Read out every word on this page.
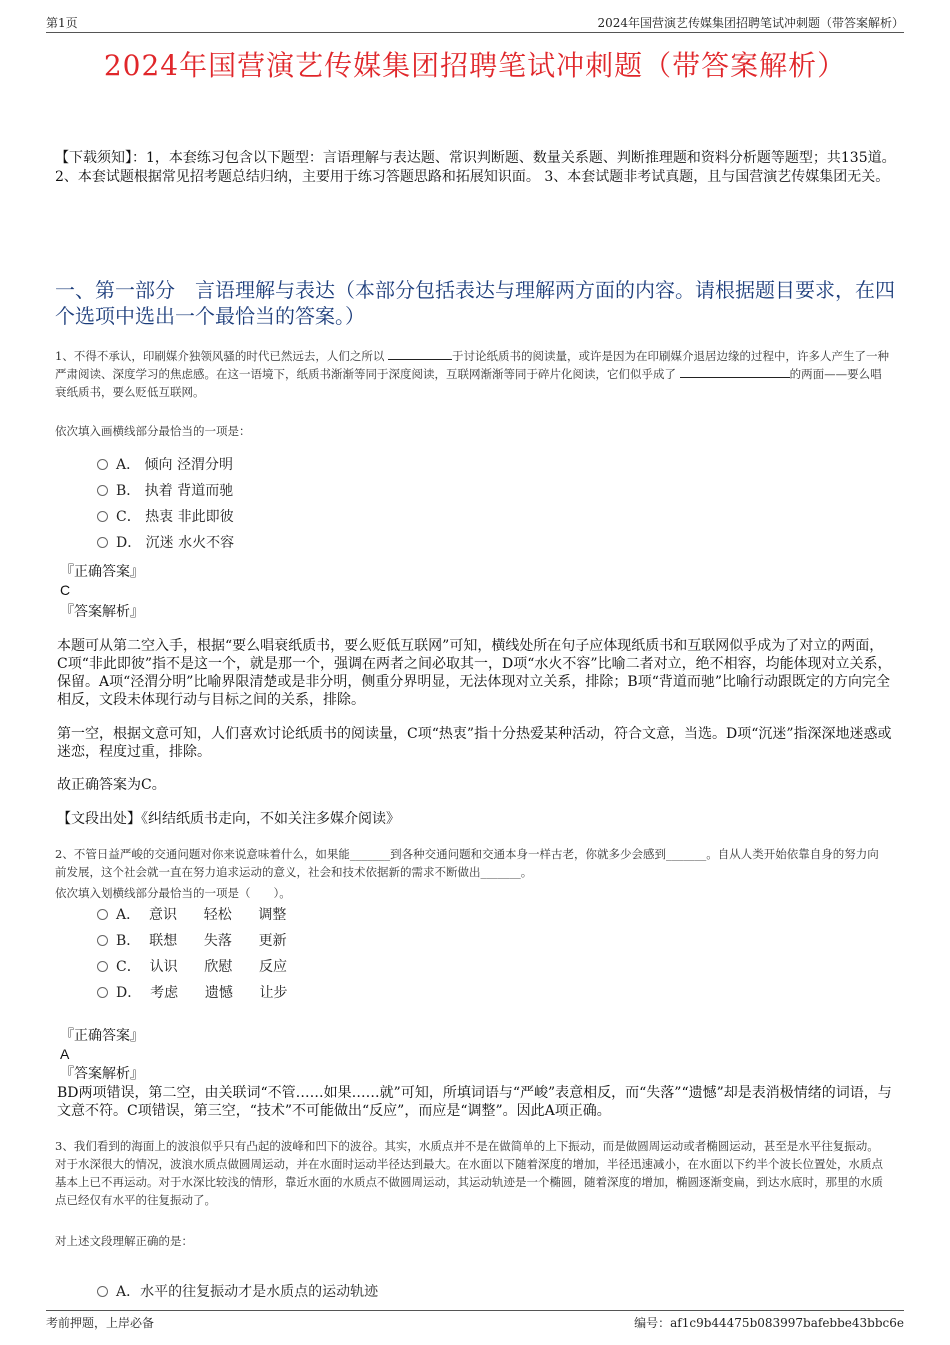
第1页	2024年国营演艺传媒集团招聘笔试冲刺题（带答案解析）
2024年国营演艺传媒集团招聘笔试冲刺题（带答案解析）
【下载须知】：1，本套练习包含以下题型：言语理解与表达题、常识判断题、数量关系题、判断推理题和资料分析题等题型；共135道。 2、本套试题根据常见招考题总结归纳，主要用于练习答题思路和拓展知识面。 3、本套试题非考试真题，且与国营演艺传媒集团无关。
一、第一部分　言语理解与表达（本部分包括表达与理解两方面的内容。请根据题目要求，在四个选项中选出一个最恰当的答案。）
1、不得不承认，印刷媒介独领风骚的时代已然远去，人们之所以	于讨论纸质书的阅读量，或许是因为在印刷媒介退居边缘的过程中，许多人产生了一种严肃阅读、深度学习的焦虑感。在这一语境下，纸质书渐渐等同于深度阅读，互联网渐渐等同于碎片化阅读，它们似乎成了	的两面——要么唱衰纸质书，要么贬低互联网。
依次填入画横线部分最恰当的一项是：
A． 倾向 泾渭分明
B． 执着 背道而驰
C． 热衷 非此即彼
D． 沉迷 水火不容
『正确答案』
C
『答案解析』
本题可从第二空入手，根据“要么唱衰纸质书，要么贬低互联网”可知，横线处所在句子应体现纸质书和互联网似乎成为了对立的两面，C项“非此即彼”指不是这一个，就是那一个，强调在两者之间必取其一，D项“水火不容”比喻二者对立，绝不相容，均能体现对立关系，保留。A项“泾渭分明”比喻界限清楚或是非分明，侧重分界明显，无法体现对立关系，排除；B项“背道而驰”比喻行动跟既定的方向完全相反，文段未体现行动与目标之间的关系，排除。
第一空，根据文意可知，人们喜欢讨论纸质书的阅读量，C项“热衷”指十分热爱某种活动，符合文意，当选。D项“沉迷”指深深地迷惑或迷恋，程度过重，排除。
故正确答案为C。
【文段出处】《纠结纸质书走向，不如关注多媒介阅读》
2、不管日益严峻的交通问题对你来说意味着什么，如果能_______到各种交通问题和交通本身一样古老，你就多少会感到_______。自从人类开始依靠自身的努力向前发展，这个社会就一直在努力追求运动的意义，社会和技术依据新的需求不断做出_______。
依次填入划横线部分最恰当的一项是（　　）。
A．  意识      轻松      调整
B．  联想      失落      更新
C．  认识      欣慰      反应
D．  考虑      遗憾      让步
『正确答案』
A
『答案解析』
BD两项错误，第二空，由关联词“不管……如果……就”可知，所填词语与“严峻”表意相反，而“失落”“遗憾”却是表消极情绪的词语，与文意不符。C项错误，第三空，“技术”不可能做出“反应”，而应是“调整”。因此A项正确。
3、我们看到的海面上的波浪似乎只有凸起的波峰和凹下的波谷。其实，水质点并不是在做简单的上下振动，而是做圆周运动或者椭圆运动，甚至是水平往复振动。对于水深很大的情况，波浪水质点做圆周运动，并在水面时运动半径达到最大。在水面以下随着深度的增加，半径迅速减小，在水面以下约半个波长位置处，水质点基本上已不再运动。对于水深比较浅的情形，靠近水面的水质点不做圆周运动，其运动轨迹是一个椭圆，随着深度的增加，椭圆逐渐变扁，到达水底时，那里的水质点已经仅有水平的往复振动了。
对上述文段理解正确的是：
A．水平的往复振动才是水质点的运动轨迹
考前押题，上岸必备	编号：af1c9b44475b083997bafebbe43bbc6e
